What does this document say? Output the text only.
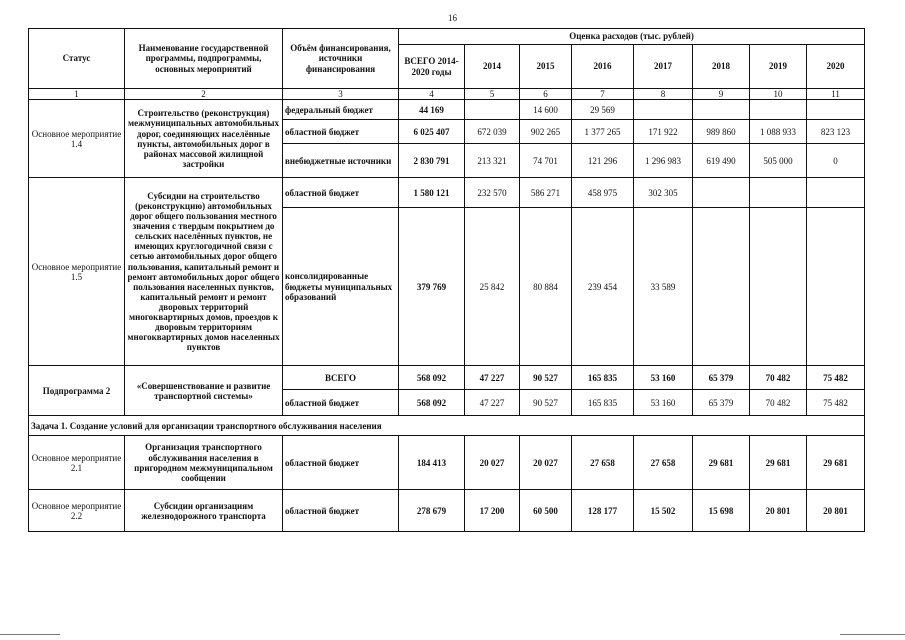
16
Статус	Наименование государственной программы, подпрограммы, основных мероприятий	Объём финансирования, источники финансирования	Оценка расходов (тыс. рублей)							
			ВСЕГО 2014-2020 годы	2014	2015	2016	2017	2018	2019	2020
1	2	3	4	5	6	7	8	9	10	11
Основное мероприятие 1.4	Строительство (реконструкция) межмуниципальных автомобильных дорог, соединяющих населённые пункты, автомобильных дорог в районах массовой жилищной застройки	федеральный бюджет	44 169		14 600	29 569				
		областной бюджет	6 025 407	672 039	902 265	1 377 265	171 922	989 860	1 088 933	823 123
		внебюджетные источники	2 830 791	213 321	74 701	121 296	1 296 983	619 490	505 000	0
Основное мероприятие 1.5	Субсидии на строительство (реконструкцию) автомобильных дорог общего пользования местного значения с твердым покрытием до сельских населённых пунктов, не имеющих круглогодичной связи с сетью автомобильных дорог общего пользования, капитальный ремонт и ремонт автомобильных дорог общего пользования населенных пунктов, капитальный ремонт и ремонт дворовых территорий многоквартирных домов, проездов к дворовым территориям многоквартирных домов населенных пунктов	областной бюджет	1 580 121	232 570	586 271	458 975	302 305			
		консолидированные бюджеты муниципальных образований	379 769	25 842	80 884	239 454	33 589			
Подпрограмма 2	«Совершенствование и развитие транспортной системы»	ВСЕГО	568 092	47 227	90 527	165 835	53 160	65 379	70 482	75 482
		областной бюджет	568 092	47 227	90 527	165 835	53 160	65 379	70 482	75 482
Задача 1. Создание условий для организации транспортного обслуживания населения										
Основное мероприятие 2.1	Организация транспортного обслуживания населения в пригородном межмуниципальном сообщении	областной бюджет	184 413	20 027	20 027	27 658	27 658	29 681	29 681	29 681
Основное мероприятие 2.2	Субсидии организациям железнодорожного транспорта	областной бюджет	278 679	17 200	60 500	128 177	15 502	15 698	20 801	20 801
